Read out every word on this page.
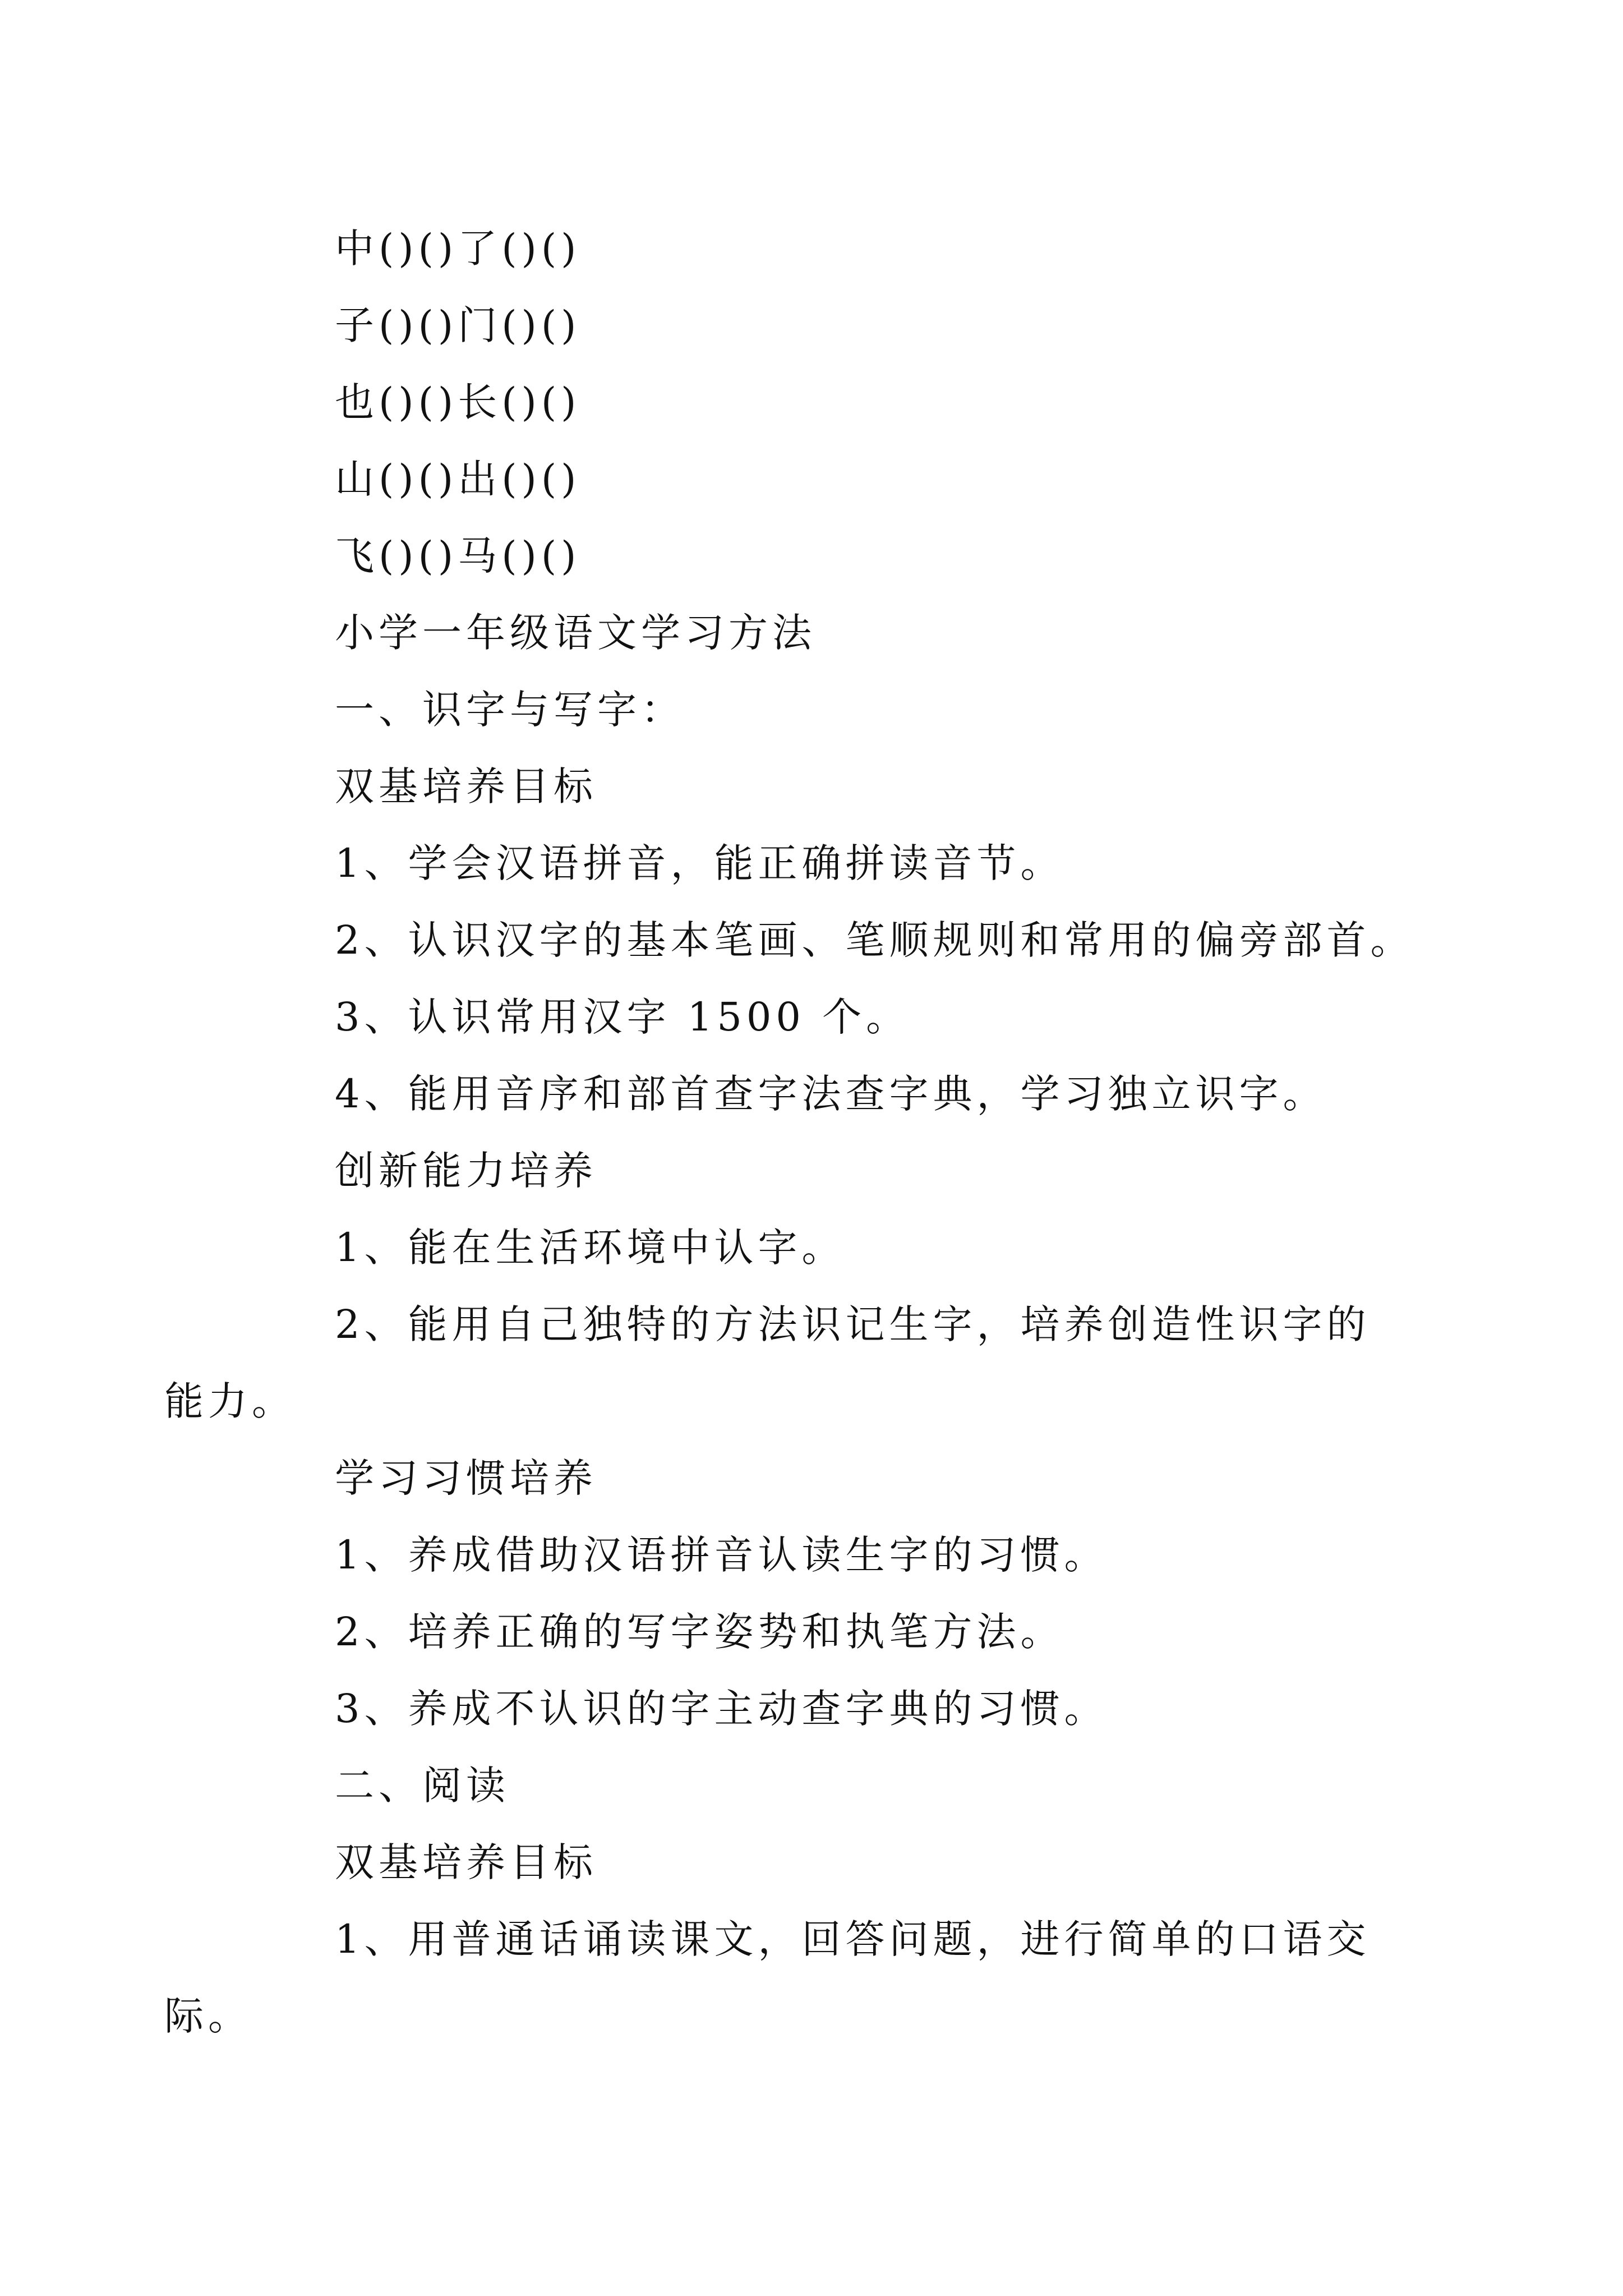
中()()了()()
子()()门()()
也()()长()()
山()()出()()
飞()()马()()
小学一年级语文学习方法
一、识字与写字：
双基培养目标
1、学会汉语拼音，能正确拼读音节。
2、认识汉字的基本笔画、笔顺规则和常用的偏旁部首。
3、认识常用汉字 1500 个。
4、能用音序和部首查字法查字典，学习独立识字。
创新能力培养
1、能在生活环境中认字。
2、能用自己独特的方法识记生字，培养创造性识字的
能力。
学习习惯培养
1、养成借助汉语拼音认读生字的习惯。
2、培养正确的写字姿势和执笔方法。
3、养成不认识的字主动查字典的习惯。
二、阅读
双基培养目标
1、用普通话诵读课文，回答问题，进行简单的口语交
际。
